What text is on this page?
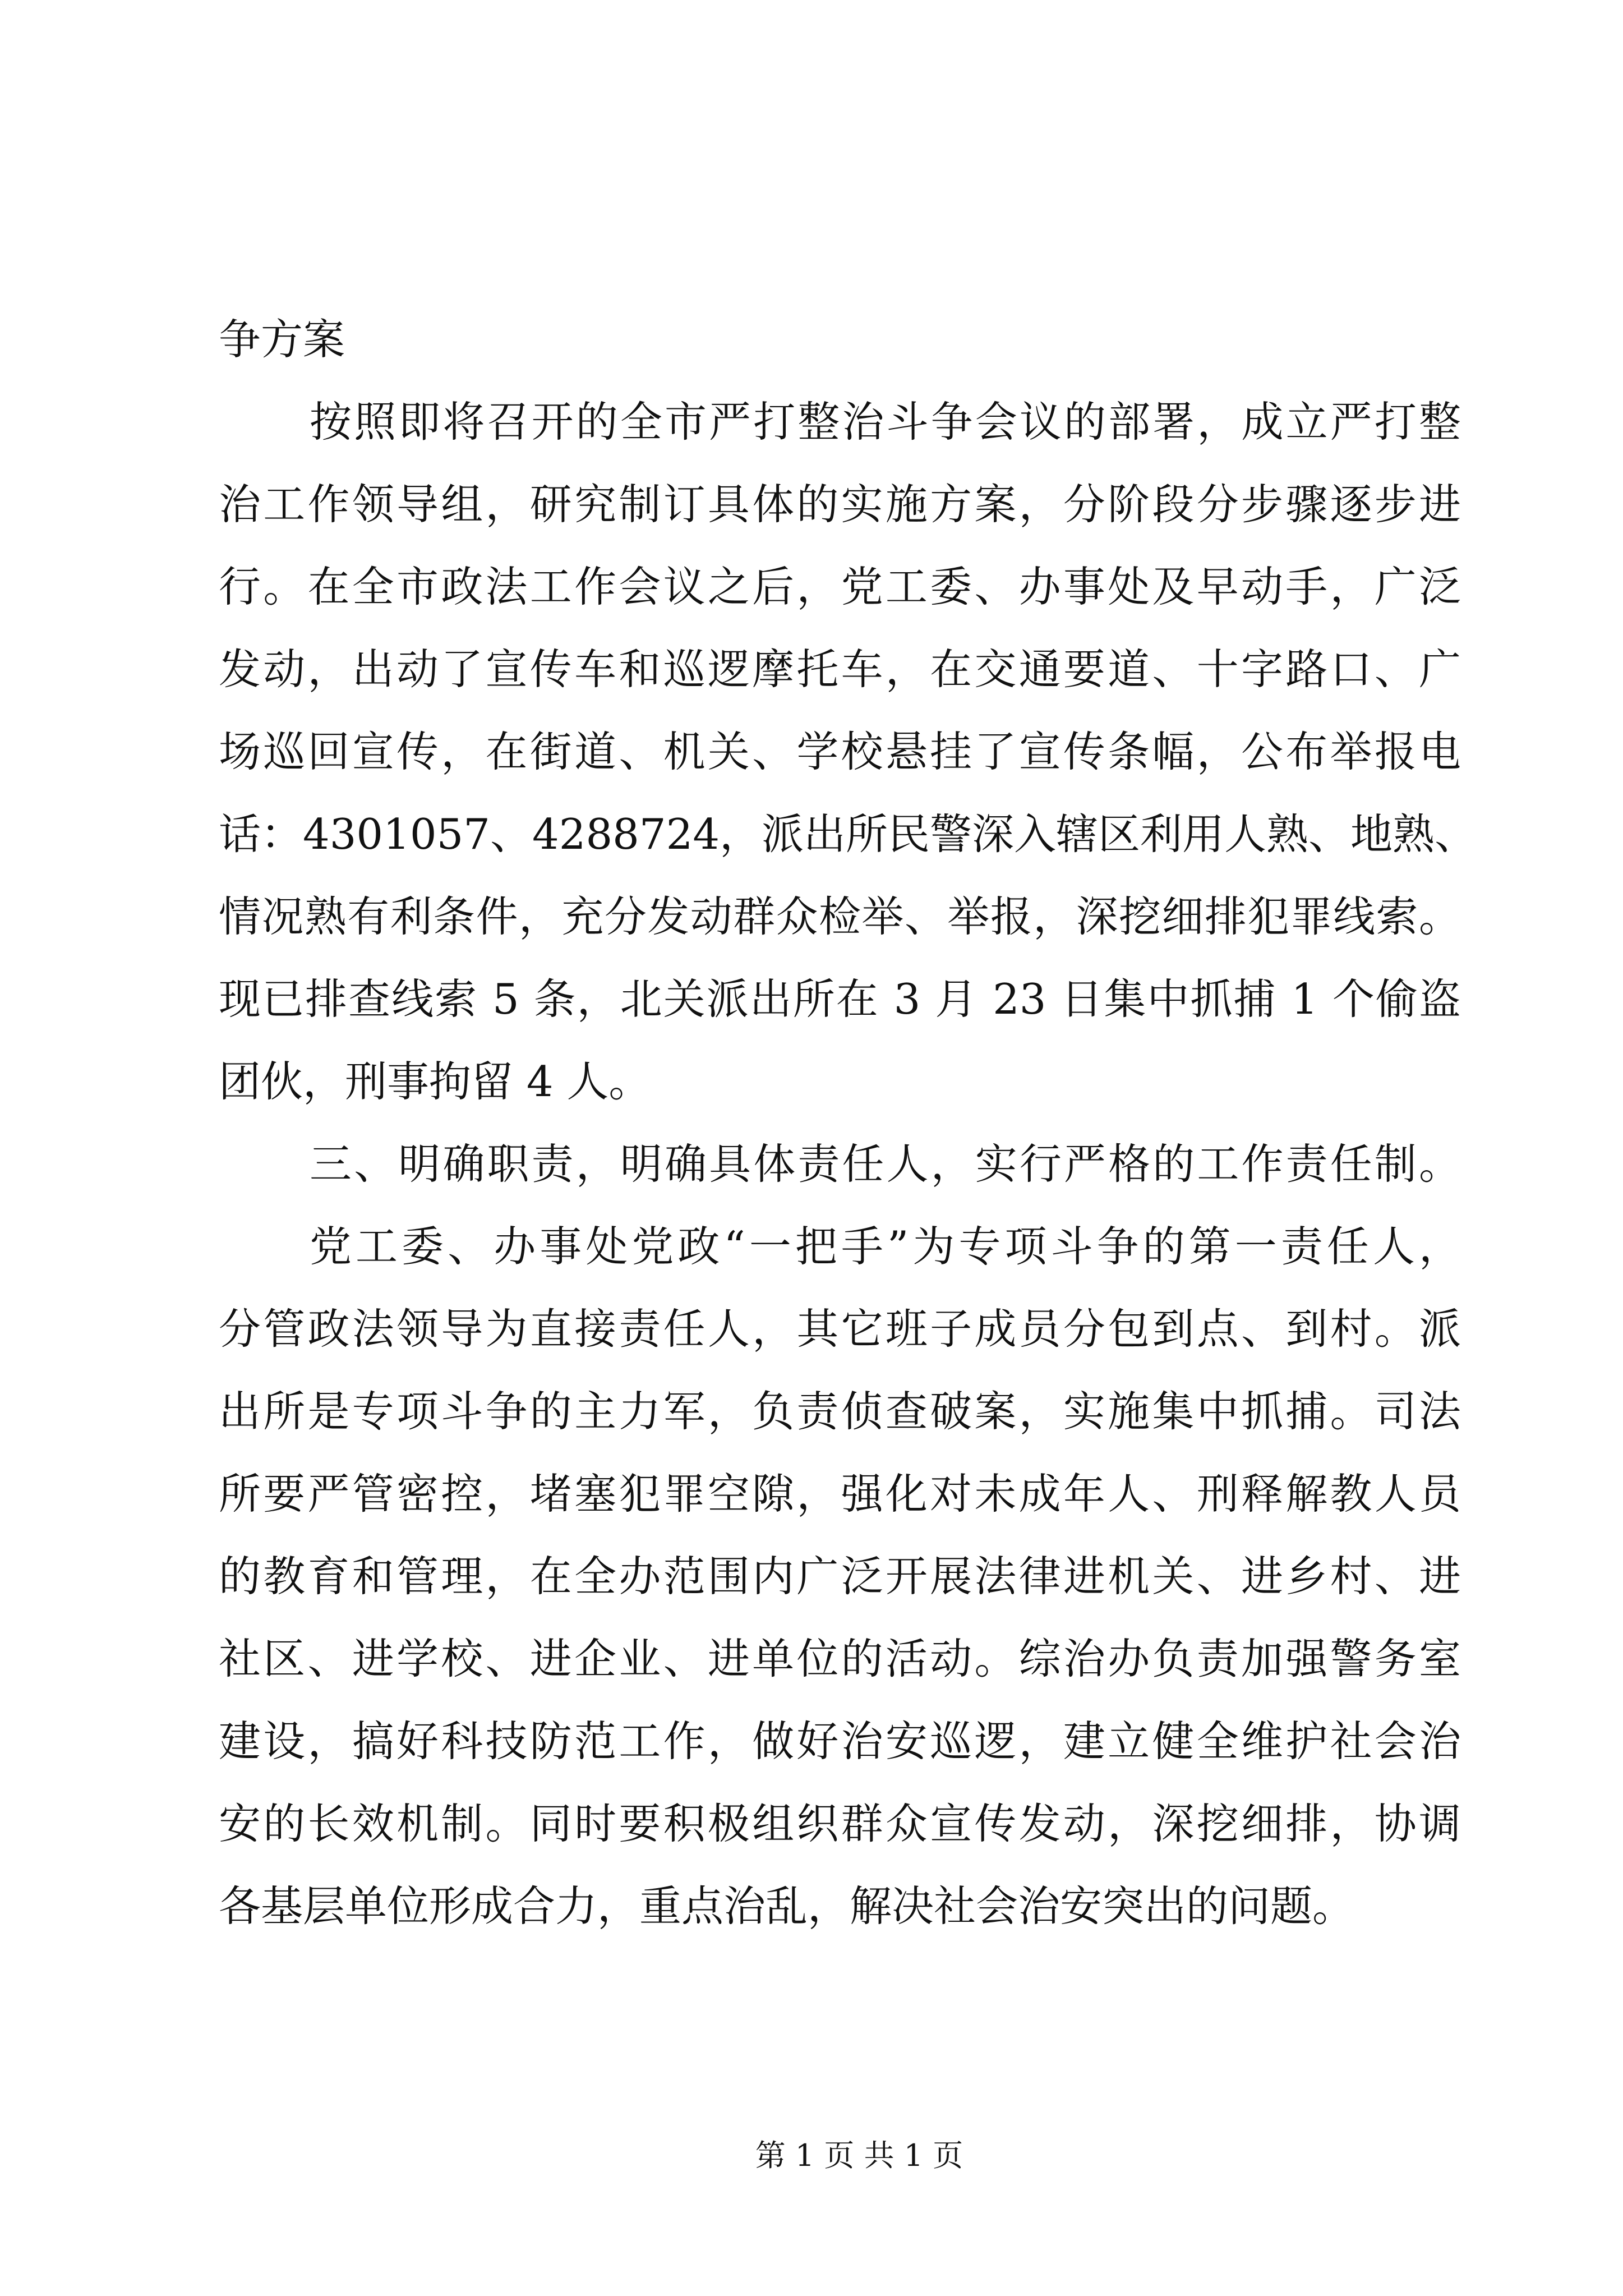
争方案
按照即将召开的全市严打整治斗争会议的部署，成立严打整
治工作领导组，研究制订具体的实施方案，分阶段分步骤逐步进
行。在全市政法工作会议之后，党工委、办事处及早动手，广泛
发动，出动了宣传车和巡逻摩托车，在交通要道、十字路口、广
场巡回宣传，在街道、机关、学校悬挂了宣传条幅，公布举报电
话：4301057、4288724，派出所民警深入辖区利用人熟、地熟、
情况熟有利条件，充分发动群众检举、举报，深挖细排犯罪线索。
现已排查线索 5 条，北关派出所在 3 月 23 日集中抓捕 1 个偷盗
团伙，刑事拘留 4 人。
三、明确职责，明确具体责任人，实行严格的工作责任制。
党工委、办事处党政“一把手”为专项斗争的第一责任人，
分管政法领导为直接责任人，其它班子成员分包到点、到村。派
出所是专项斗争的主力军，负责侦查破案，实施集中抓捕。司法
所要严管密控，堵塞犯罪空隙，强化对未成年人、刑释解教人员
的教育和管理，在全办范围内广泛开展法律进机关、进乡村、进
社区、进学校、进企业、进单位的活动。综治办负责加强警务室
建设，搞好科技防范工作，做好治安巡逻，建立健全维护社会治
安的长效机制。同时要积极组织群众宣传发动，深挖细排，协调
各基层单位形成合力，重点治乱，解决社会治安突出的问题。
第 1 页 共 1 页
